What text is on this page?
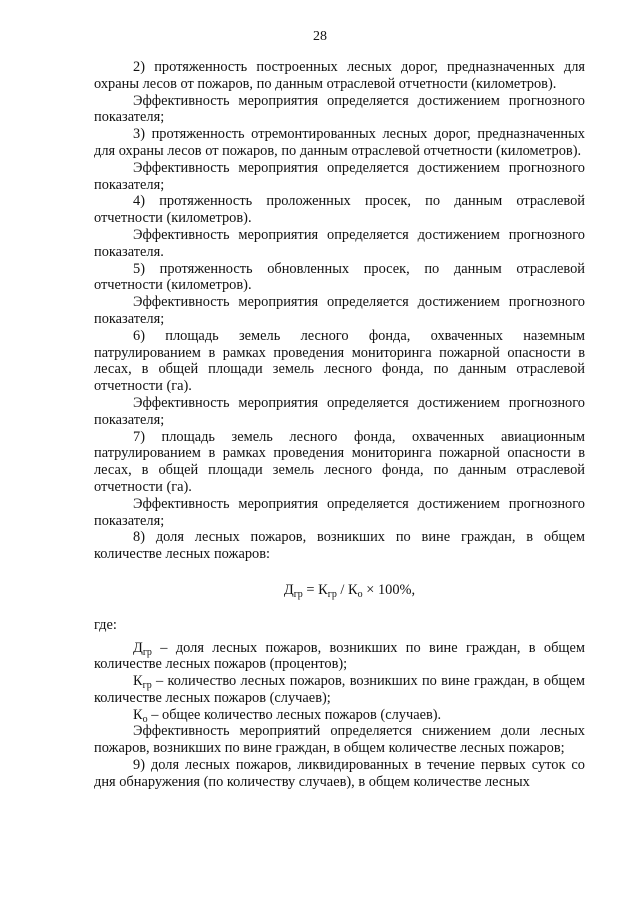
28

2) протяженность построенных лесных дорог, предназначенных для охраны лесов от пожаров, по данным отраслевой отчетности (километров).

Эффективность мероприятия определяется достижением прогнозного показателя;

3) протяженность отремонтированных лесных дорог, предназначенных для охраны лесов от пожаров, по данным отраслевой отчетности (километров).

Эффективность мероприятия определяется достижением прогнозного показателя;

4) протяженность проложенных просек, по данным отраслевой отчетности (километров).

Эффективность мероприятия определяется достижением прогнозного показателя.

5) протяженность обновленных просек, по данным отраслевой отчетности (километров).

Эффективность мероприятия определяется достижением прогнозного показателя;

6) площадь земель лесного фонда, охваченных наземным патрулированием в рамках проведения мониторинга пожарной опасности в лесах, в общей площади земель лесного фонда, по данным отраслевой отчетности (га).

Эффективность мероприятия определяется достижением прогнозного показателя;

7) площадь земель лесного фонда, охваченных авиационным патрулированием в рамках проведения мониторинга пожарной опасности в лесах, в общей площади земель лесного фонда, по данным отраслевой отчетности (га).

Эффективность мероприятия определяется достижением прогнозного показателя;

8) доля лесных пожаров, возникших по вине граждан, в общем количестве лесных пожаров:

$Д_{гр} = К_{гр} / К_о \times 100\%$,

где:

$Д_{гр}$ – доля лесных пожаров, возникших по вине граждан, в общем количестве лесных пожаров (процентов);

$К_{гр}$ – количество лесных пожаров, возникших по вине граждан, в общем количестве лесных пожаров (случаев);

$К_о$ – общее количество лесных пожаров (случаев).

Эффективность мероприятий определяется снижением доли лесных пожаров, возникших по вине граждан, в общем количестве лесных пожаров;

9) доля лесных пожаров, ликвидированных в течение первых суток со дня обнаружения (по количеству случаев), в общем количестве лесных
